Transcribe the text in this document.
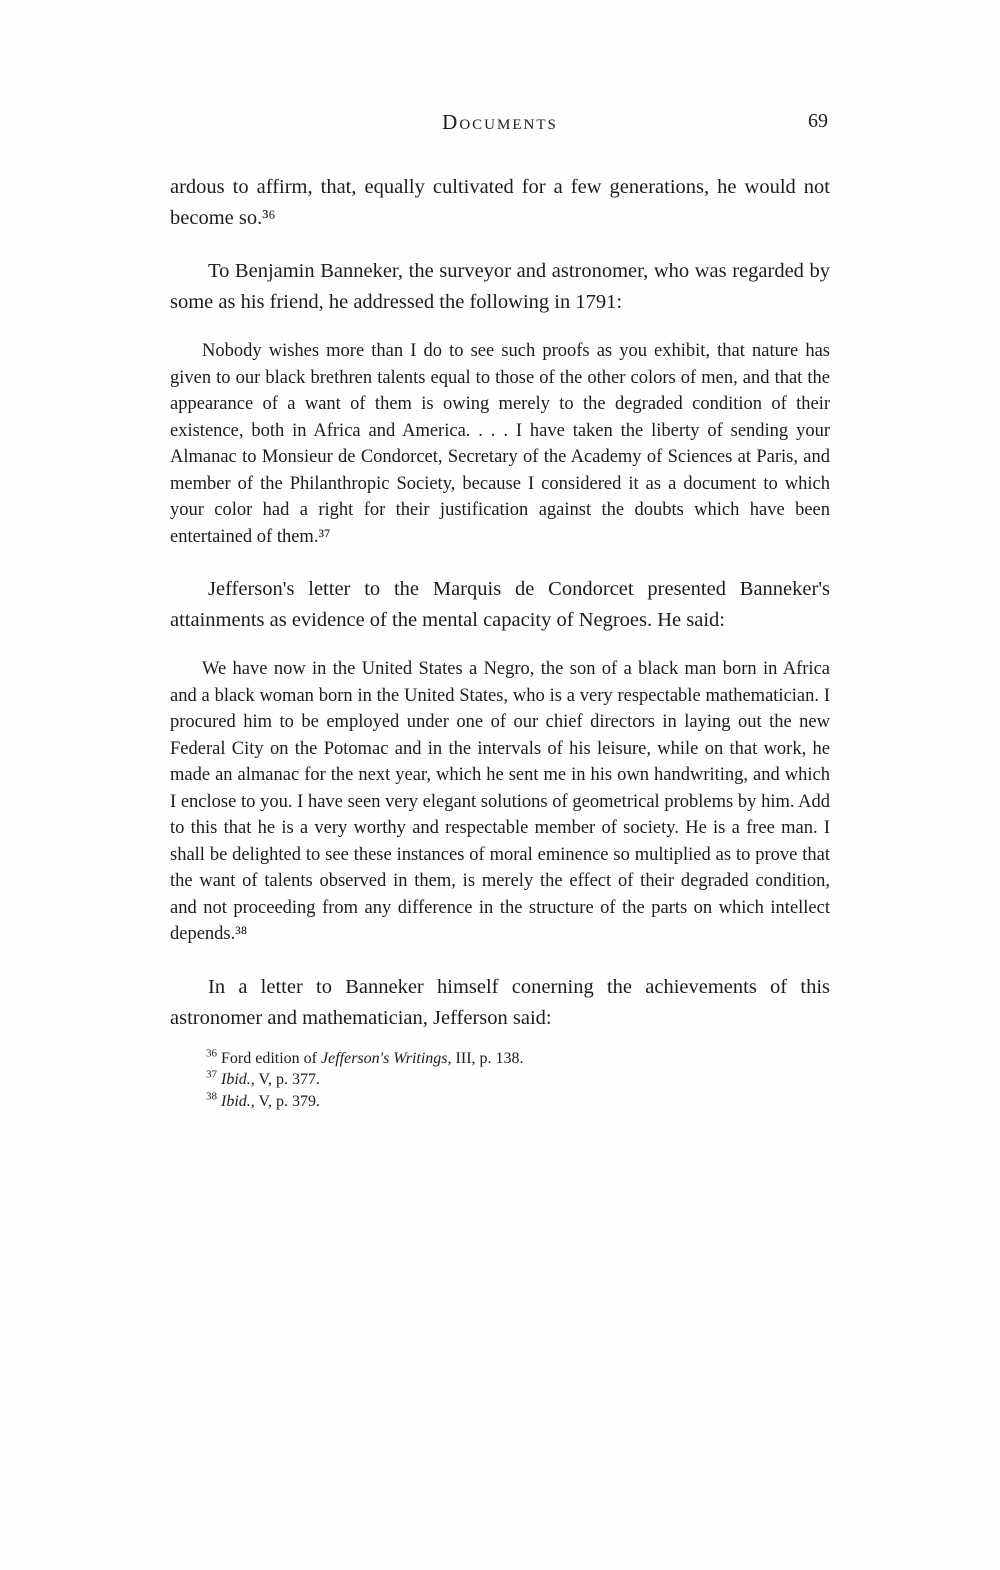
Documents	69

ardous to affirm, that, equally cultivated for a few generations, he would not become so.³⁶

To Benjamin Banneker, the surveyor and astronomer, who was regarded by some as his friend, he addressed the following in 1791:

Nobody wishes more than I do to see such proofs as you exhibit, that nature has given to our black brethren talents equal to those of the other colors of men, and that the appearance of a want of them is owing merely to the degraded condition of their existence, both in Africa and America. . . . I have taken the liberty of sending your Almanac to Monsieur de Condorcet, Secretary of the Academy of Sciences at Paris, and member of the Philanthropic Society, because I considered it as a document to which your color had a right for their justification against the doubts which have been entertained of them.³⁷

Jefferson's letter to the Marquis de Condorcet presented Banneker's attainments as evidence of the mental capacity of Negroes. He said:

We have now in the United States a Negro, the son of a black man born in Africa and a black woman born in the United States, who is a very respectable mathematician. I procured him to be employed under one of our chief directors in laying out the new Federal City on the Potomac and in the intervals of his leisure, while on that work, he made an almanac for the next year, which he sent me in his own handwriting, and which I enclose to you. I have seen very elegant solutions of geometrical problems by him. Add to this that he is a very worthy and respectable member of society. He is a free man. I shall be delighted to see these instances of moral eminence so multiplied as to prove that the want of talents observed in them, is merely the effect of their degraded condition, and not proceeding from any difference in the structure of the parts on which intellect depends.³⁸

In a letter to Banneker himself conerning the achievements of this astronomer and mathematician, Jefferson said:

$^{36}$ Ford edition of Jefferson's Writings, III, p. 138.
$^{37}$ Ibid., V, p. 377.
$^{38}$ Ibid., V, p. 379.
